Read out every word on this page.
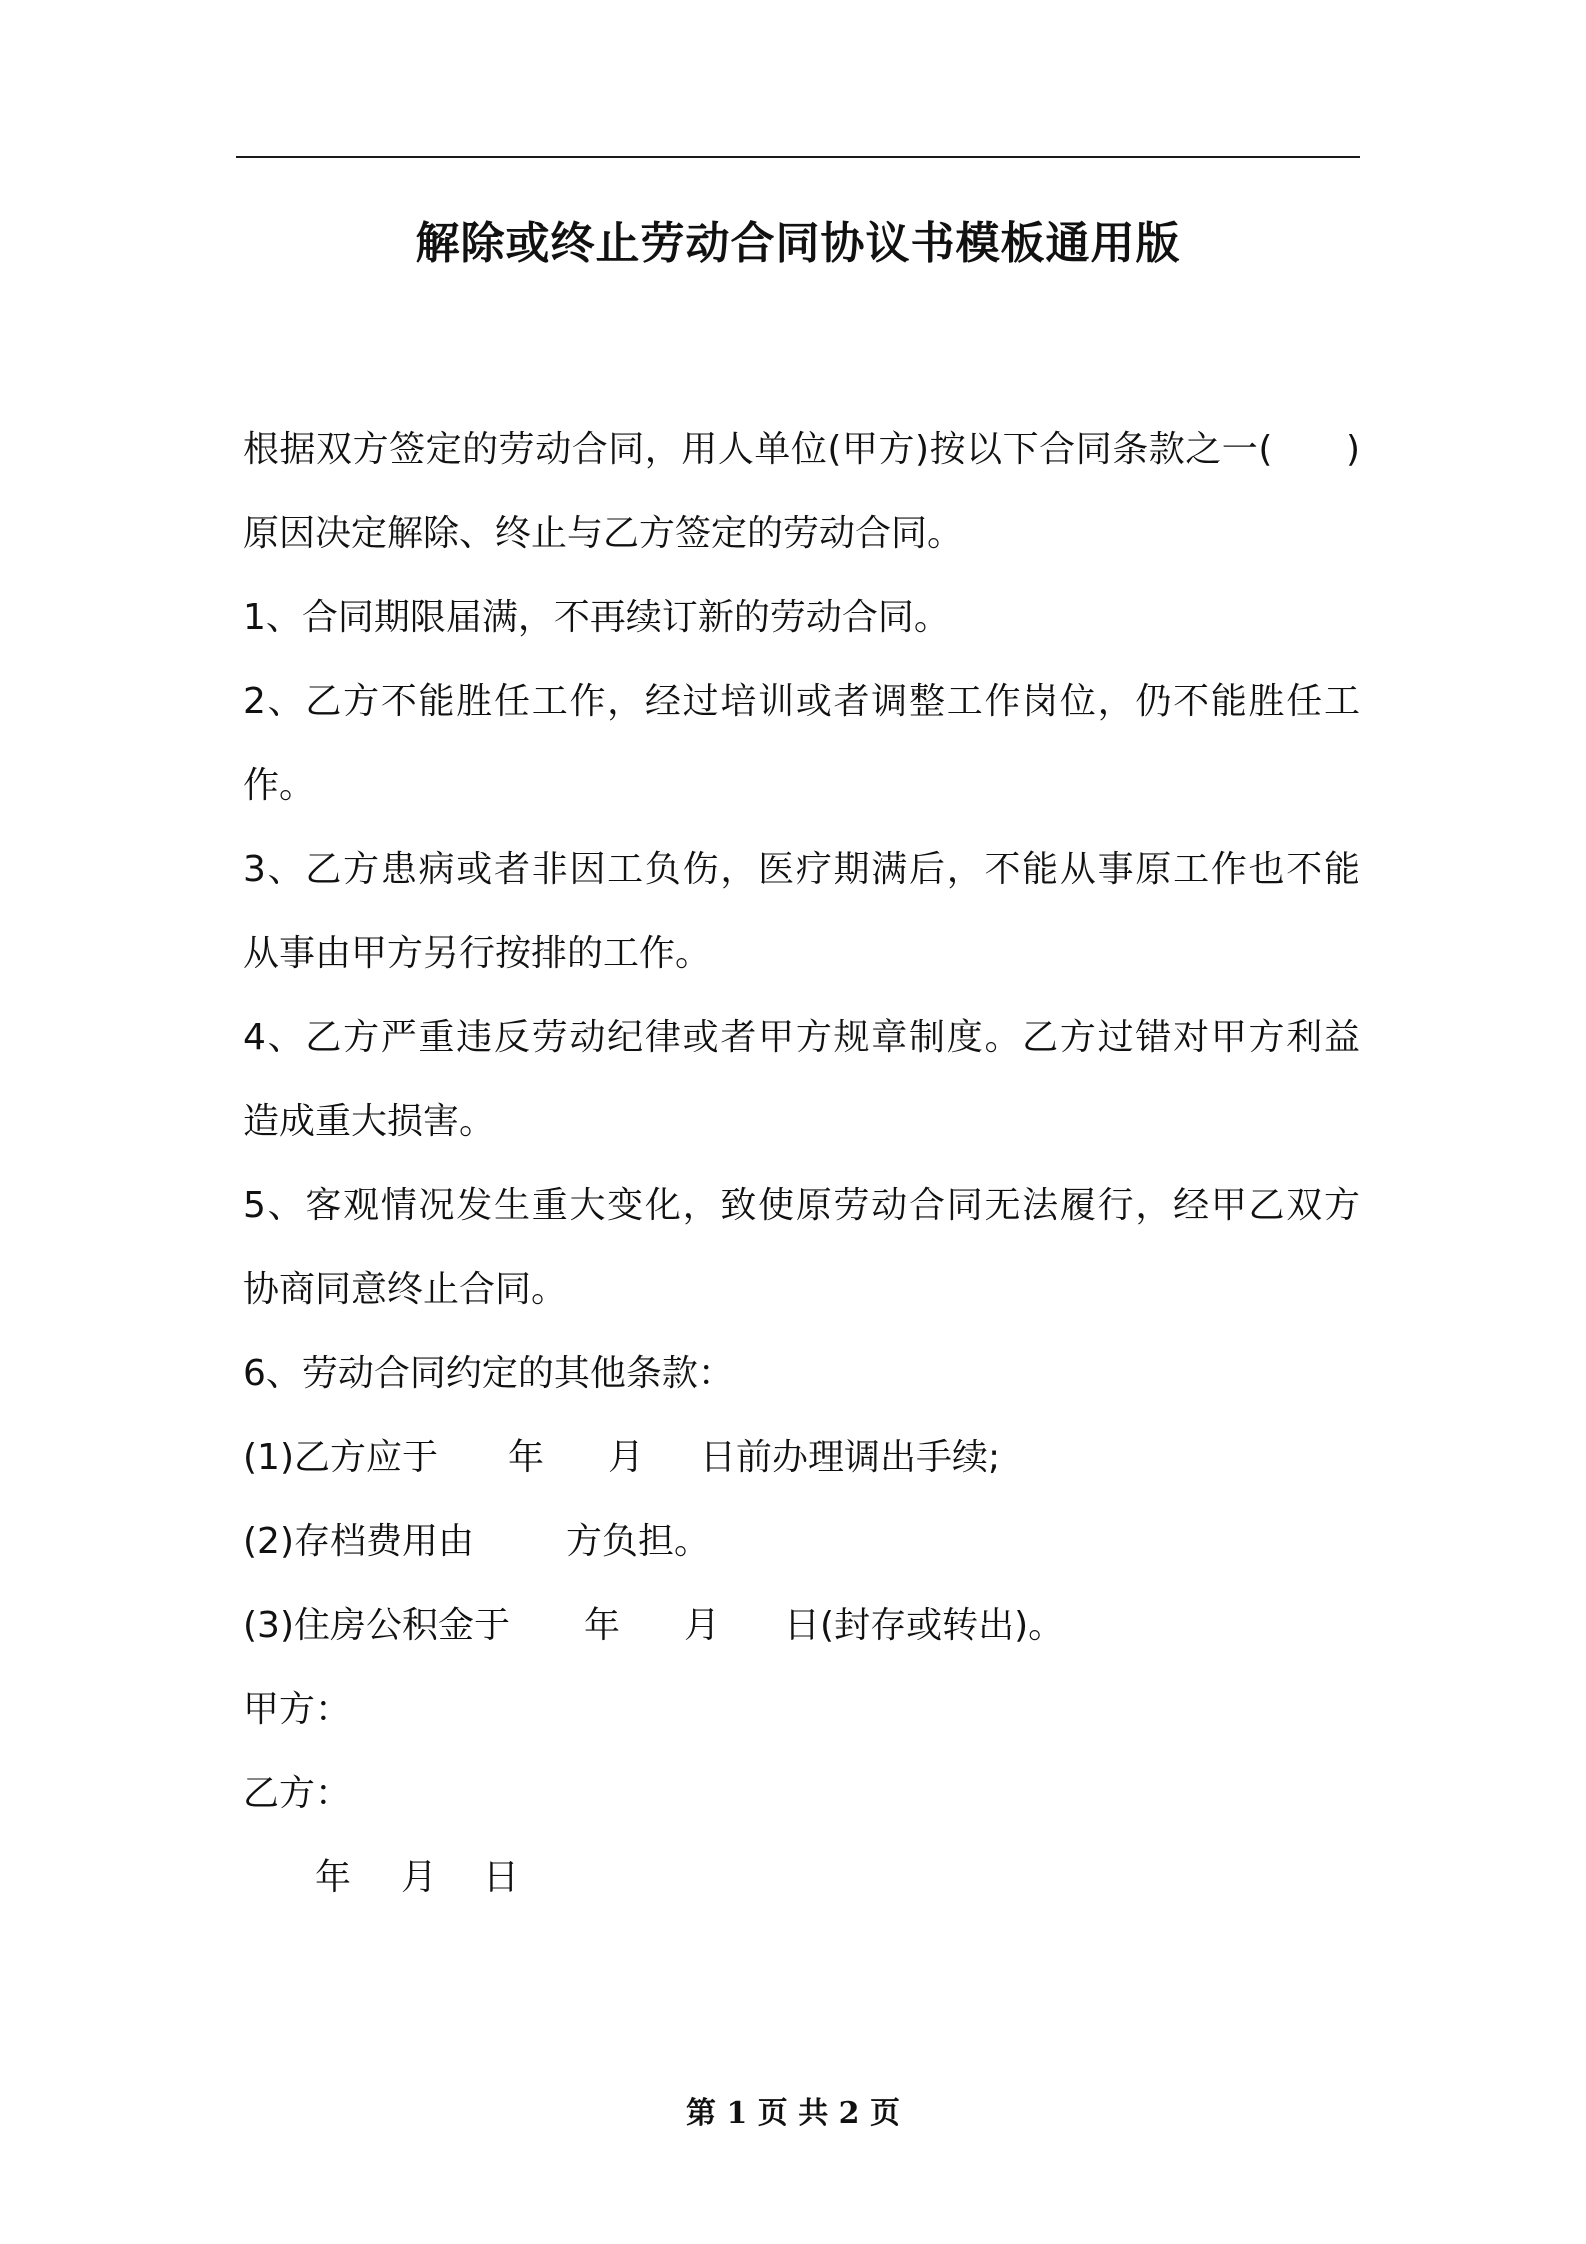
解除或终止劳动合同协议书模板通用版
根据双方签定的劳动合同，用人单位(甲方)按以下合同条款之一(　　)
原因决定解除、终止与乙方签定的劳动合同。
1、合同期限届满，不再续订新的劳动合同。
2、乙方不能胜任工作，经过培训或者调整工作岗位，仍不能胜任工
作。
3、乙方患病或者非因工负伤，医疗期满后，不能从事原工作也不能
从事由甲方另行按排的工作。
4、乙方严重违反劳动纪律或者甲方规章制度。乙方过错对甲方利益
造成重大损害。
5、客观情况发生重大变化，致使原劳动合同无法履行，经甲乙双方
协商同意终止合同。
6、劳动合同约定的其他条款：
(1)乙方应于 年 月 日前办理调出手续;
(2)存档费用由	方负担。
(3)住房公积金于 年 月 日(封存或转出)。
甲方：
乙方：
年 月 日
第 1 页 共 2 页
